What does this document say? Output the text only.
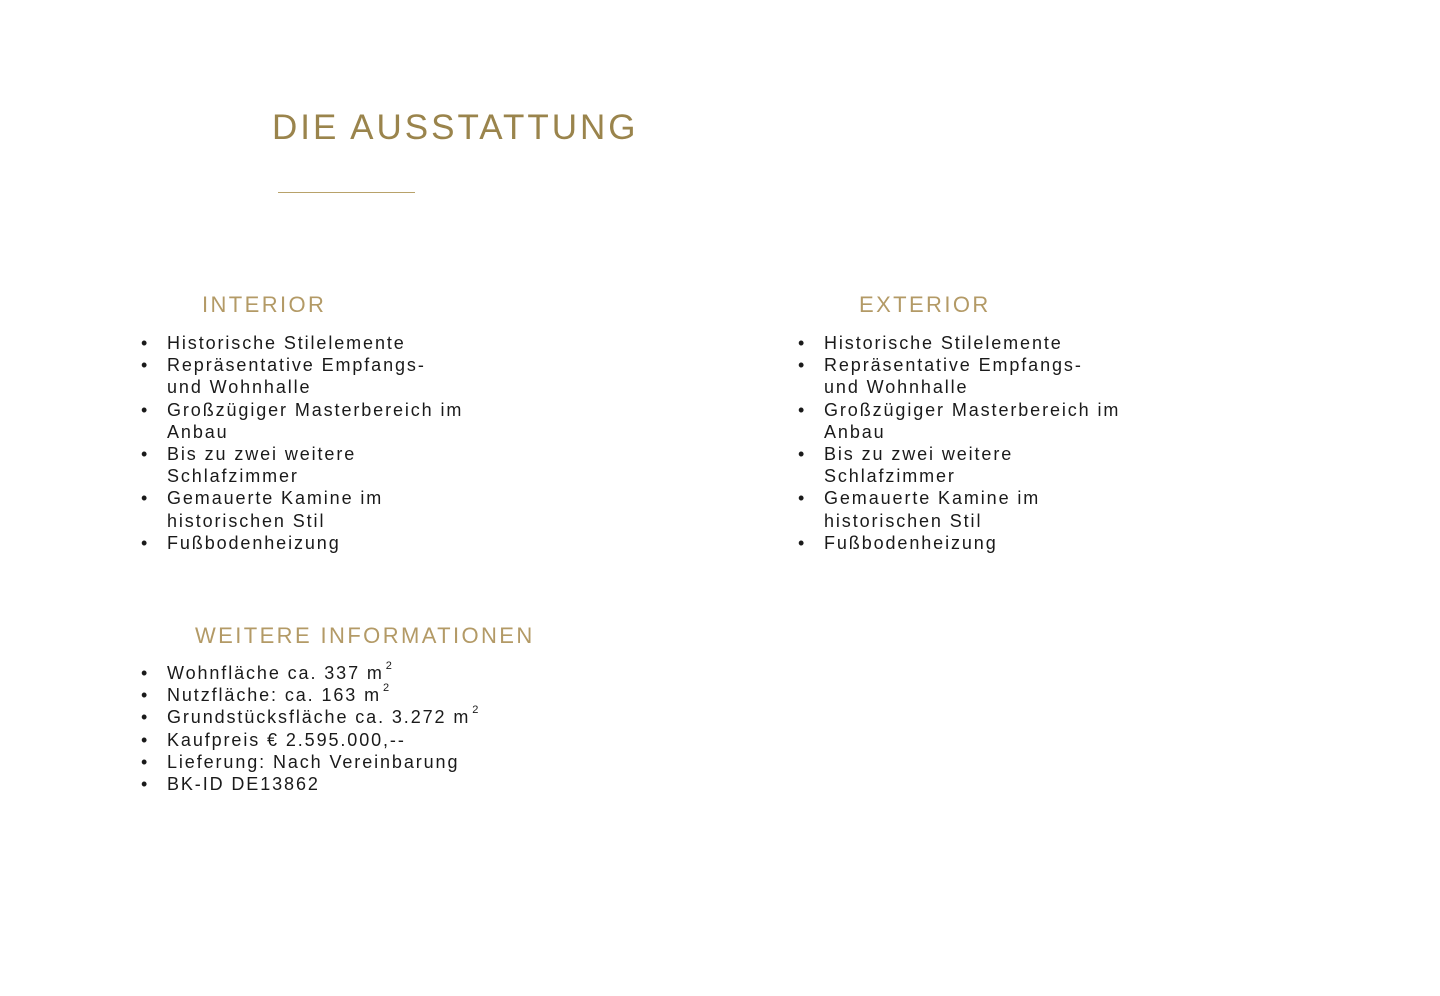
DIE AUSSTATTUNG
INTERIOR
• Historische Stilelemente
• Repräsentative Empfangs-
und Wohnhalle
• Großzügiger Masterbereich im
Anbau
• Bis zu zwei weitere
Schlafzimmer
• Gemauerte Kamine im
historischen Stil
• Fußbodenheizung
EXTERIOR
• Historische Stilelemente
• Repräsentative Empfangs-
und Wohnhalle
• Großzügiger Masterbereich im
Anbau
• Bis zu zwei weitere
Schlafzimmer
• Gemauerte Kamine im
historischen Stil
• Fußbodenheizung
WEITERE INFORMATIONEN
• Wohnfläche ca. 337 m $^2$
• Nutzfläche: ca. 163 m $^2$
• Grundstücksfläche ca. 3.272 m $^2$
• Kaufpreis € 2.595.000,--
• Lieferung: Nach Vereinbarung
• BK-ID DE13862
